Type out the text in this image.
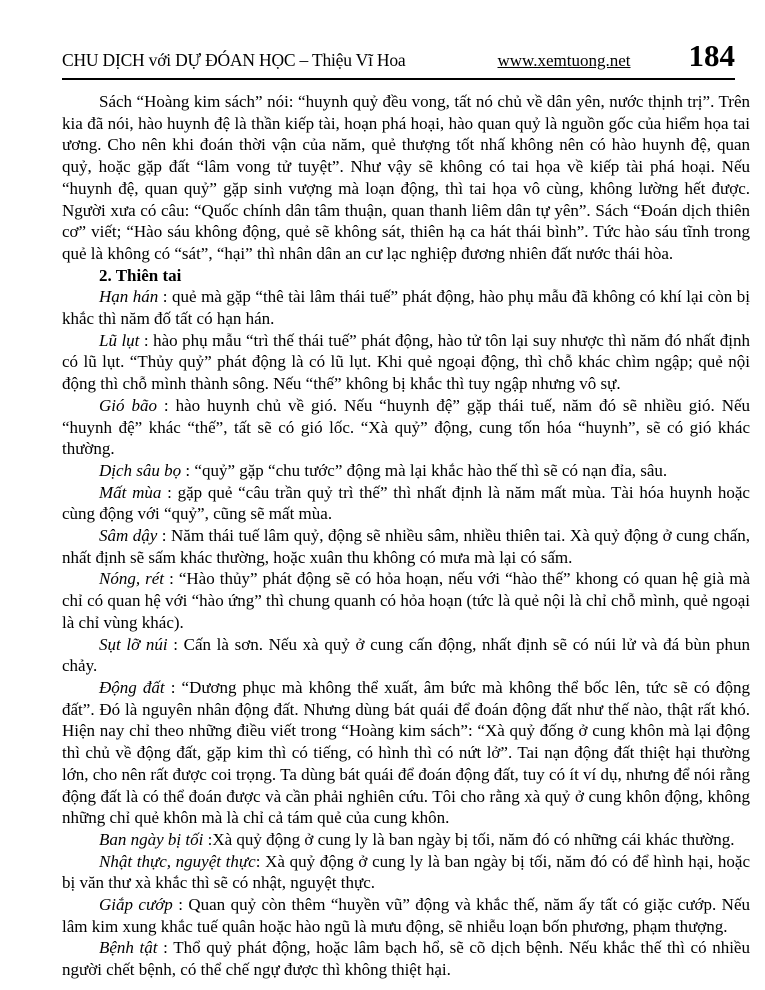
CHU DỊCH với DỰ ĐÓAN HỌC – Thiệu Vĩ Hoa	www.xemtuong.net 184

Sách “Hoàng kim sách” nói: “huynh quỷ đều vong, tất nó chủ về dân yên, nước thịnh trị”. Trên kia đã nói, hào huynh đệ là thần kiếp tài, hoạn phá hoại, hào quan quỷ là nguồn gốc của hiểm họa tai ương. Cho nên khi đoán thời vận của năm, quẻ thượng tốt nhấ không nên có hào huynh đệ, quan quỷ, hoặc gặp đất “lâm vong tử tuyệt”. Như vậy sẽ không có tai họa về kiếp tài phá hoại. Nếu “huynh đệ, quan quỷ” gặp sinh vượng mà loạn động, thì tai họa vô cùng, không lường hết được. Người xưa có câu: “Quốc chính dân tâm thuận, quan thanh liêm dân tự yên”. Sách “Đoán dịch thiên cơ” viết; “Hào sáu không động, quẻ sẽ không sát, thiên hạ ca hát thái bình”. Tức hào sáu tĩnh trong quẻ là không có “sát”, “hại” thì nhân dân an cư lạc nghiệp đương nhiên đất nước thái hòa.

2. Thiên tai

Hạn hán : quẻ mà gặp “thê tài lâm thái tuế” phát động, hào phụ mẫu đã không có khí lại còn bị khắc thì năm đố tất có hạn hán.

Lũ lụt : hào phụ mẫu “trì thế thái tuế” phát động, hào tử tôn lại suy nhược thì năm đó nhất định có lũ lụt. “Thủy quỷ” phát động là có lũ lụt. Khi quẻ ngoại động, thì chỗ khác chìm ngập; quẻ nội động thì chỗ mình thành sông. Nếu “thế” không bị khắc thì tuy ngập nhưng vô sự.

Gió bão : hào huynh chủ về gió. Nếu “huynh đệ” gặp thái tuế, năm đó sẽ nhiều gió. Nếu “huynh đệ” khác “thế”, tất sẽ có gió lốc. “Xà quỷ” động, cung tốn hóa “huynh”, sẽ có gió khác thường.

Dịch sâu bọ : “quỷ” gặp “chu tước” động mà lại khắc hào thế thì sẽ có nạn đỉa, sâu.

Mất mùa : gặp quẻ “câu trần quỷ trì thế” thì nhất định là năm mất mùa. Tài hóa huynh hoặc cùng động với “quỷ”, cũng sẽ mất mùa.

Sâm dậy : Năm thái tuế lâm quỷ, động sẽ nhiều sâm, nhiều thiên tai. Xà quỷ động ở cung chấn, nhất định sẽ sấm khác thường, hoặc xuân thu không có mưa mà lại có sấm.

Nóng, rét : “Hào thủy” phát động sẽ có hỏa hoạn, nếu với “hào thế” khong có quan hệ già mà chỉ có quan hệ với “hào ứng” thì chung quanh có hỏa hoạn (tức là quẻ nội là chỉ chỗ mình, quẻ ngoại là chỉ vùng khác).

Sụt lỡ núi : Cấn là sơn. Nếu xà quỷ ở cung cấn động, nhất định sẽ có núi lử và đá bùn phun chảy.

Động đất : “Dương phục mà không thể xuất, âm bức mà không thể bốc lên, tức sẽ có động đất”. Đó là nguyên nhân động đất. Nhưng dùng bát quái để đoán động đất như thế nào, thật rất khó. Hiện nay chỉ theo những điều viết trong “Hoàng kim sách”: “Xà quỷ đống ở cung khôn mà lại động thì chủ về động đất, gặp kim thì có tiếng, có hình thì có nứt lở”. Tai nạn động đất thiệt hại thường lớn, cho nên rất được coi trọng. Ta dùng bát quái để đoán động đất, tuy có ít ví dụ, nhưng để nói rằng động đất là có thể đoán được và cần phải nghiên cứu. Tôi cho rằng xà quỷ ở cung khôn động, không những chỉ quẻ khôn mà là chỉ cả tám quẻ của cung khôn.

Ban ngày bị tối :Xà quỷ động ở cung ly là ban ngày bị tối, năm đó có những cái khác thường.

Nhật thực, nguyệt thực: Xà quỷ động ở cung ly là ban ngày bị tối, năm đó có để hình hại, hoặc bị văn thư xà khắc thì sẽ có nhật, nguyệt thực.

Giắp cướp : Quan quỷ còn thêm “huyền vũ” động và khắc thế, năm ấy tất có giặc cướp. Nếu lâm kim xung khắc tuế quân hoặc hào ngũ là mưu động, sẽ nhiễu loạn bốn phương, phạm thượng.

Bệnh tật : Thổ quỷ phát động, hoặc lâm bạch hổ, sẽ cõ dịch bệnh. Nếu khắc thế thì có nhiều người chết bệnh, có thể chế ngự được thì không thiệt hại.
